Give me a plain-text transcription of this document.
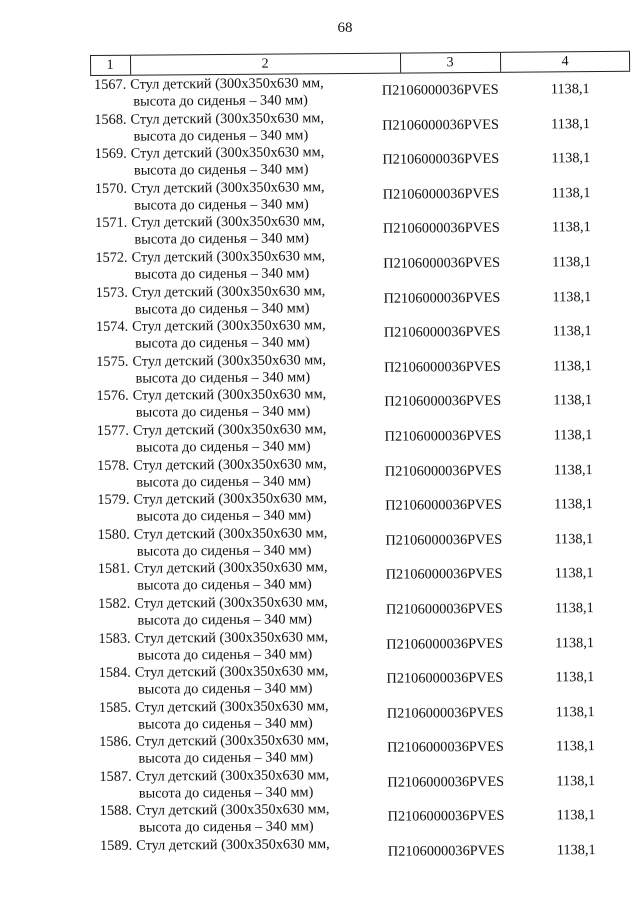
68
1	2	3	4
1567. Стул детский (300x350x630 мм,
высота до сиденья – 340 мм)
П2106000036PVES	1138,1
1568. Стул детский (300x350x630 мм,
высота до сиденья – 340 мм)
П2106000036PVES	1138,1
1569. Стул детский (300x350x630 мм,
высота до сиденья – 340 мм)
П2106000036PVES	1138,1
1570. Стул детский (300x350x630 мм,
высота до сиденья – 340 мм)
П2106000036PVES	1138,1
1571. Стул детский (300x350x630 мм,
высота до сиденья – 340 мм)
П2106000036PVES	1138,1
1572. Стул детский (300x350x630 мм,
высота до сиденья – 340 мм)
П2106000036PVES	1138,1
1573. Стул детский (300x350x630 мм,
высота до сиденья – 340 мм)
П2106000036PVES	1138,1
1574. Стул детский (300x350x630 мм,
высота до сиденья – 340 мм)
П2106000036PVES	1138,1
1575. Стул детский (300x350x630 мм,
высота до сиденья – 340 мм)
П2106000036PVES	1138,1
1576. Стул детский (300x350x630 мм,
высота до сиденья – 340 мм)
П2106000036PVES	1138,1
1577. Стул детский (300x350x630 мм,
высота до сиденья – 340 мм)
П2106000036PVES	1138,1
1578. Стул детский (300x350x630 мм,
высота до сиденья – 340 мм)
П2106000036PVES	1138,1
1579. Стул детский (300x350x630 мм,
высота до сиденья – 340 мм)
П2106000036PVES	1138,1
1580. Стул детский (300x350x630 мм,
высота до сиденья – 340 мм)
П2106000036PVES	1138,1
1581. Стул детский (300x350x630 мм,
высота до сиденья – 340 мм)
П2106000036PVES	1138,1
1582. Стул детский (300x350x630 мм,
высота до сиденья – 340 мм)
П2106000036PVES	1138,1
1583. Стул детский (300x350x630 мм,
высота до сиденья – 340 мм)
П2106000036PVES	1138,1
1584. Стул детский (300x350x630 мм,
высота до сиденья – 340 мм)
П2106000036PVES	1138,1
1585. Стул детский (300x350x630 мм,
высота до сиденья – 340 мм)
П2106000036PVES	1138,1
1586. Стул детский (300x350x630 мм,
высота до сиденья – 340 мм)
П2106000036PVES	1138,1
1587. Стул детский (300x350x630 мм,
высота до сиденья – 340 мм)
П2106000036PVES	1138,1
1588. Стул детский (300x350x630 мм,
высота до сиденья – 340 мм)
П2106000036PVES	1138,1
1589. Стул детский (300x350x630 мм,	П2106000036PVES	1138,1
